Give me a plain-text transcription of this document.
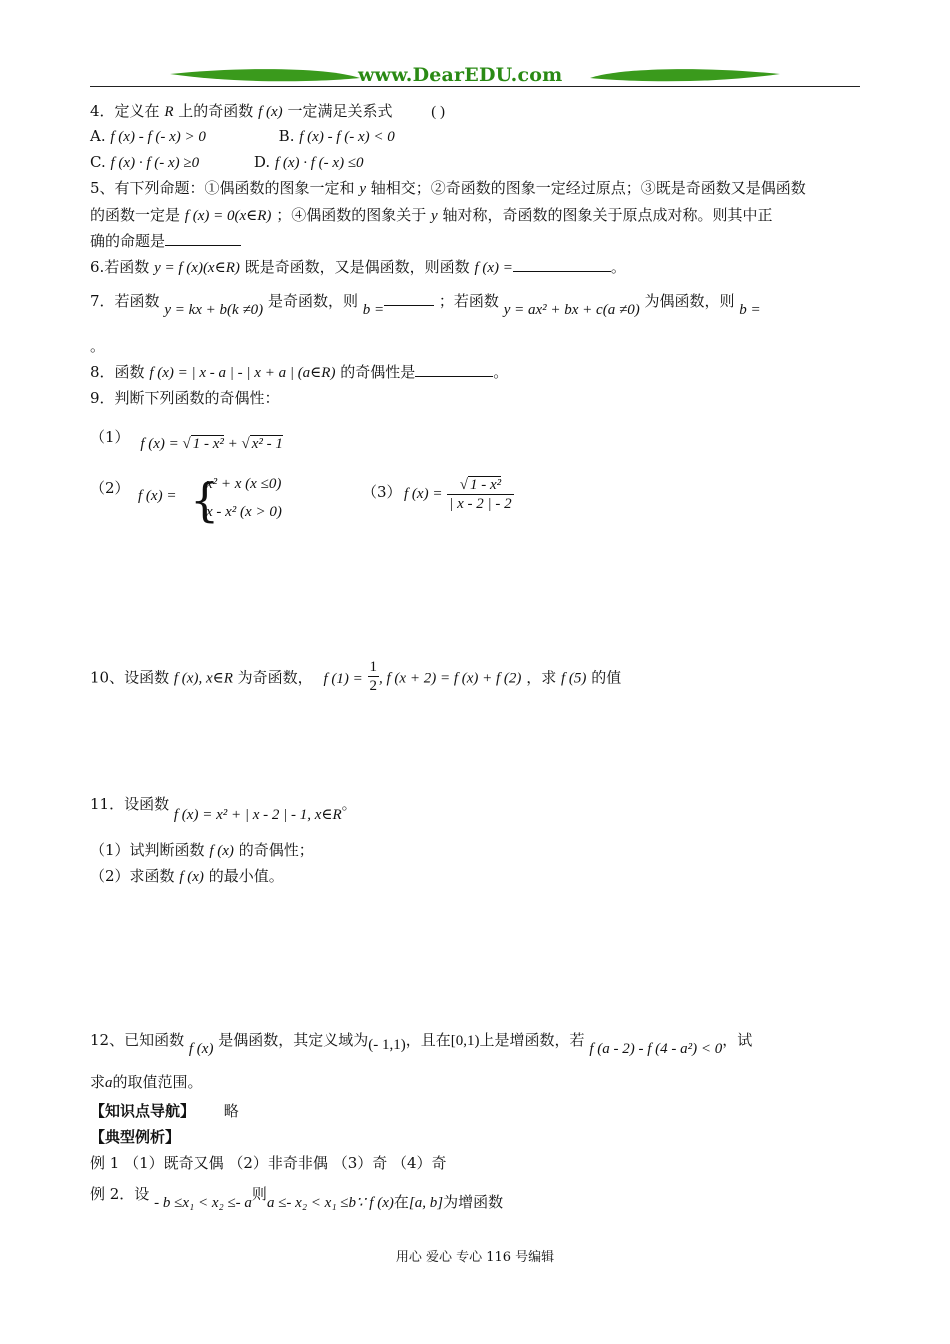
www.DearEDU.com
4．定义在 R 上的奇函数 f (x) 一定满足关系式	( )
A. f (x) - f (- x) > 0	B. f (x) - f (- x) < 0
C. f (x) · f (- x) ≥0	D. f (x) · f (- x) ≤0
5、有下列命题：①偶函数的图象一定和 y 轴相交；②奇函数的图象一定经过原点；③既是奇函数又是偶函数
的函数一定是 f (x) = 0(x∈R) ；④偶函数的图象关于 y 轴对称，奇函数的图象关于原点成对称。则其中正
确的命题是
6.若函数 y = f (x)(x∈R) 既是奇函数，又是偶函数，则函数 f (x) =	。
7．若函数 y = kx + b(k ≠0) 是奇函数，则 b =	；若函数 y = ax² + bx + c(a ≠0) 为偶函数，则 b =
。
8．函数 f (x) = | x - a | - | x + a | (a∈R) 的奇偶性是	。
9．判断下列函数的奇偶性：
（1） f (x) = √ 1 - x² + √ x² - 1
（2） f (x) = {
x² + x (x ≤0)
x - x² (x > 0)
（3） f $(x) = \frac{\text{√ 1 - x²}}{| x - 2 | - 2}$
10、设函数 f (x), x∈R 为奇函数， f $(1) = \frac{1}{2}$ , f (x + 2) = f (x) + f (2) ，求 f (5) 的值
11．设函数 f (x) = x² + | x - 2 | - 1, x∈R。
（1）试判断函数 f (x) 的奇偶性；
（2）求函数 f (x) 的最小值。
12、已知函数 f (x) 是偶函数，其定义域为(- 1,1)，且在[0,1)上是增函数，若 f (a - 2) - f (4 - a²) < 0，试
求a的取值范围。
【知识点导航】 略
【典型例析】
例 1 （1）既奇又偶 （2）非奇非偶 （3）奇 （4）奇
例 2．设 - b ≤x₁ < x₂ ≤- a则a ≤- x₂ < x₁ ≤b∵ f (x)在[a, b]为增函数
用心 爱心 专心 116 号编辑
